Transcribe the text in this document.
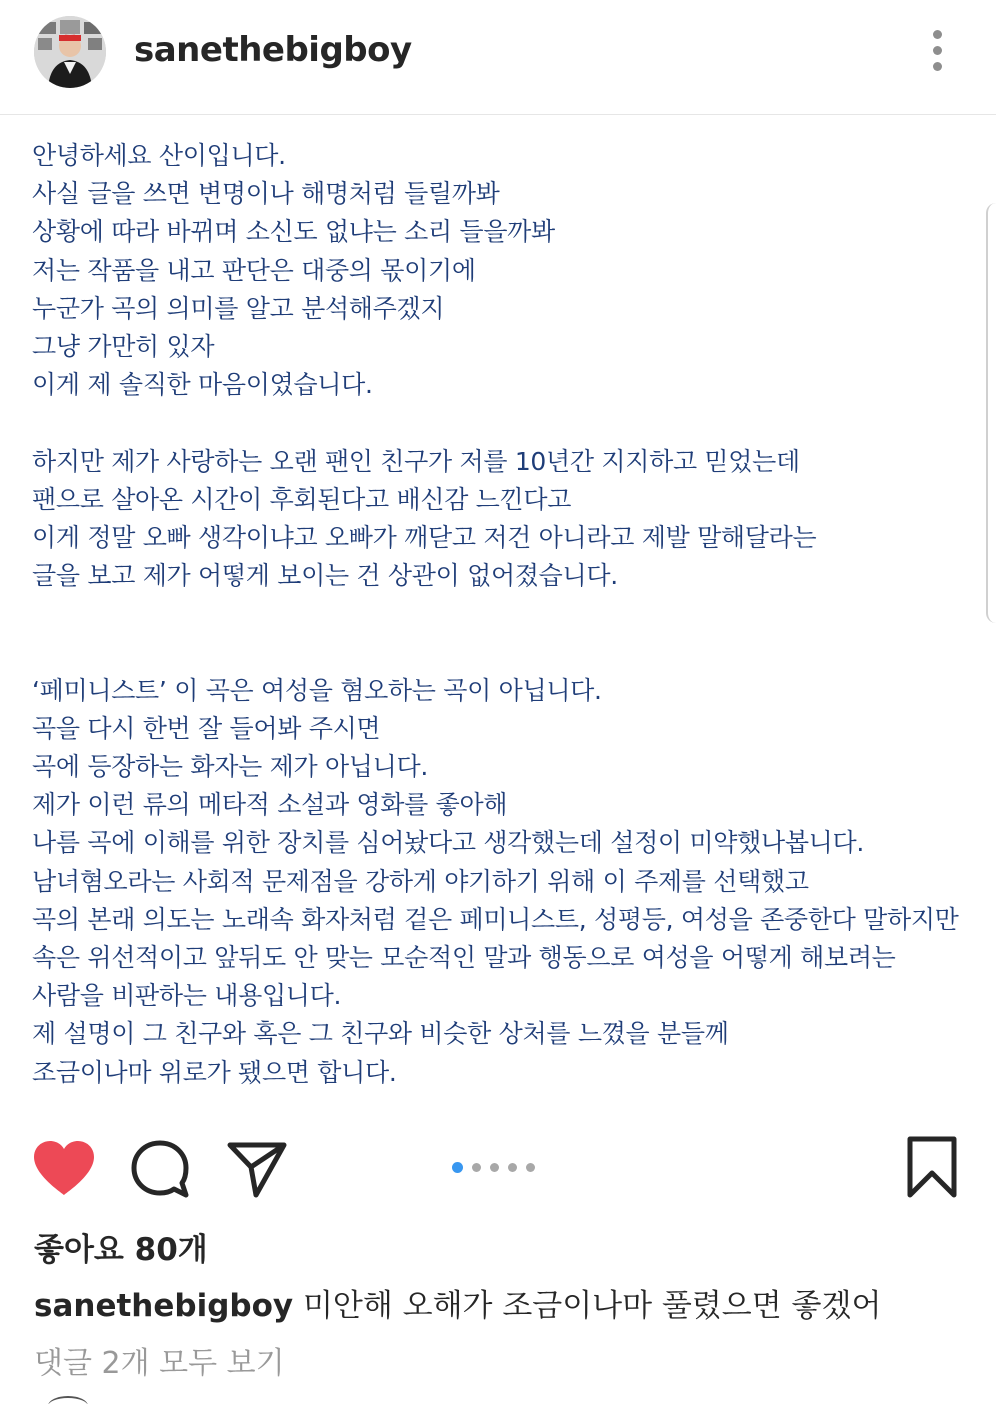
sanethebigboy
안녕하세요 산이입니다.
사실 글을 쓰면 변명이나 해명처럼 들릴까봐
상황에 따라 바뀌며 소신도 없냐는 소리 들을까봐
저는 작품을 내고 판단은 대중의 몫이기에
누군가 곡의 의미를 알고 분석해주겠지
그냥 가만히 있자
이게 제 솔직한 마음이였습니다.
하지만 제가 사랑하는 오랜 팬인 친구가 저를 10년간 지지하고 믿었는데
팬으로 살아온 시간이 후회된다고 배신감 느낀다고
이게 정말 오빠 생각이냐고 오빠가 깨닫고 저건 아니라고 제발 말해달라는
글을 보고 제가 어떻게 보이는 건 상관이 없어졌습니다.
‘페미니스트’ 이 곡은 여성을 혐오하는 곡이 아닙니다.
곡을 다시 한번 잘 들어봐 주시면
곡에 등장하는 화자는 제가 아닙니다.
제가 이런 류의 메타적 소설과 영화를 좋아해
나름 곡에 이해를 위한 장치를 심어놨다고 생각했는데 설정이 미약했나봅니다.
남녀혐오라는 사회적 문제점을 강하게 야기하기 위해 이 주제를 선택했고
곡의 본래 의도는 노래속 화자처럼 겉은 페미니스트, 성평등, 여성을 존중한다 말하지만
속은 위선적이고 앞뒤도 안 맞는 모순적인 말과 행동으로 여성을 어떻게 해보려는
사람을 비판하는 내용입니다.
제 설명이 그 친구와 혹은 그 친구와 비슷한 상처를 느꼈을 분들께
조금이나마 위로가 됐으면 합니다.
좋아요 80개
sanethebigboy 미안해 오해가 조금이나마 풀렸으면 좋겠어
댓글 2개 모두 보기
